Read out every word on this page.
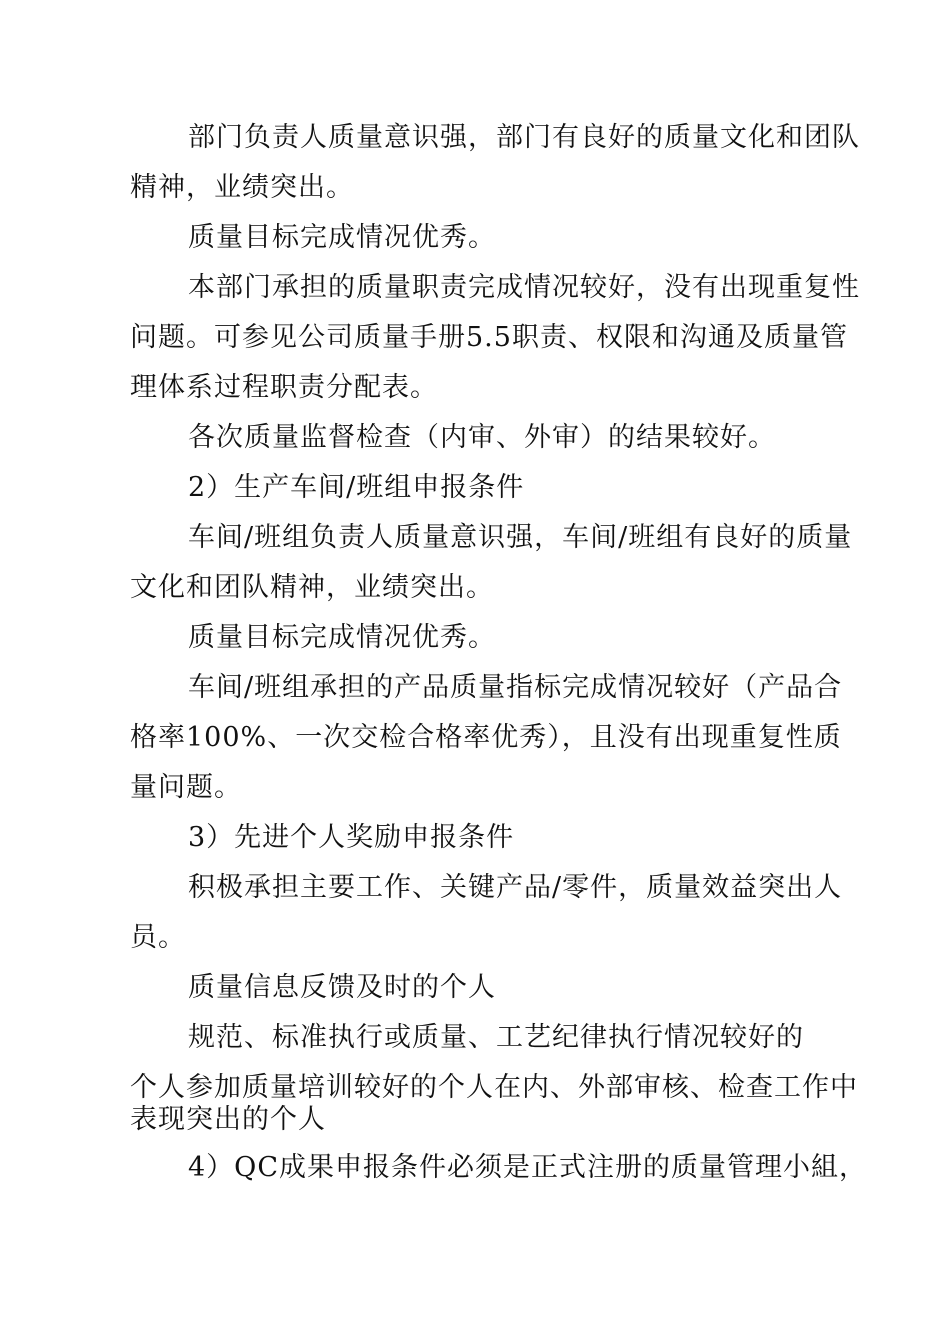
部门负责人质量意识强，部门有良好的质量文化和团队精神，业绩突出。

质量目标完成情况优秀。

本部门承担的质量职责完成情况较好，没有出现重复性问题。可参见公司质量手册5.5职责、权限和沟通及质量管理体系过程职责分配表。

各次质量监督检查（内审、外审）的结果较好。

2）生产车间/班组申报条件

车间/班组负责人质量意识强，车间/班组有良好的质量文化和团队精神，业绩突出。

质量目标完成情况优秀。

车间/班组承担的产品质量指标完成情况较好（产品合格率100%、一次交检合格率优秀），且没有出现重复性质量问题。

3）先进个人奖励申报条件

积极承担主要工作、关键产品/零件，质量效益突出人员。

质量信息反馈及时的个人

规范、标准执行或质量、工艺纪律执行情况较好的

个人参加质量培训较好的个人在内、外部审核、检查工作中表现突出的个人

4）QC成果申报条件必须是正式注册的质量管理小組，
